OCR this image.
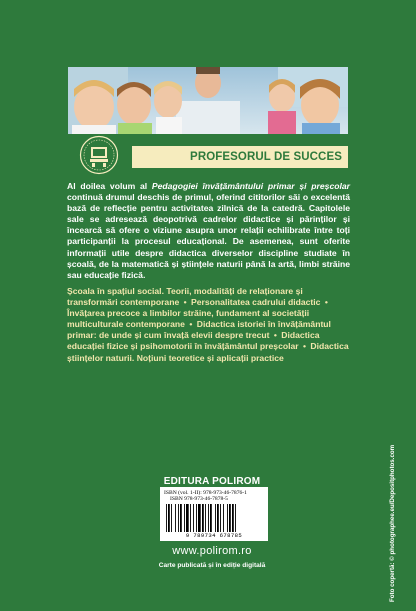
PROFESORUL DE SUCCES

Al doilea volum al Pedagogiei învățământului primar și preșcolar continuă drumul deschis de primul, oferind cititorilor săi o excelentă bază de reflecție pentru activitatea zilnică de la catedră. Capitolele sale se adresează deopotrivă cadrelor didactice și părinților și încearcă să ofere o viziune asupra unor relații echilibrate între toți participanții la procesul educațional. De asemenea, sunt oferite informații utile despre didactica diverselor discipline studiate în școală, de la matematică și științele naturii până la artă, limbi străine sau educație fizică.

Școala în spațiul social. Teorii, modalități de relaționare și transformări contemporane • Personalitatea cadrului didactic • Învățarea precoce a limbilor străine, fundament al societății multiculturale contemporane • Didactica istoriei în învățământul primar: de unde și cum învață elevii despre trecut • Didactica educației fizice și psihomotorii în învățământul preșcolar • Didactica științelor naturii. Noțiuni teoretice și aplicații practice
Foto copertă: © photographee.eu/Depositphotos.com
EDITURA POLIROM
ISBN (vol. 1-II): 978-973-46-7876-1
ISBN 978-973-46-7878-5
9 789734 678785
www.polirom.ro
Carte publicată și în ediție digitală
